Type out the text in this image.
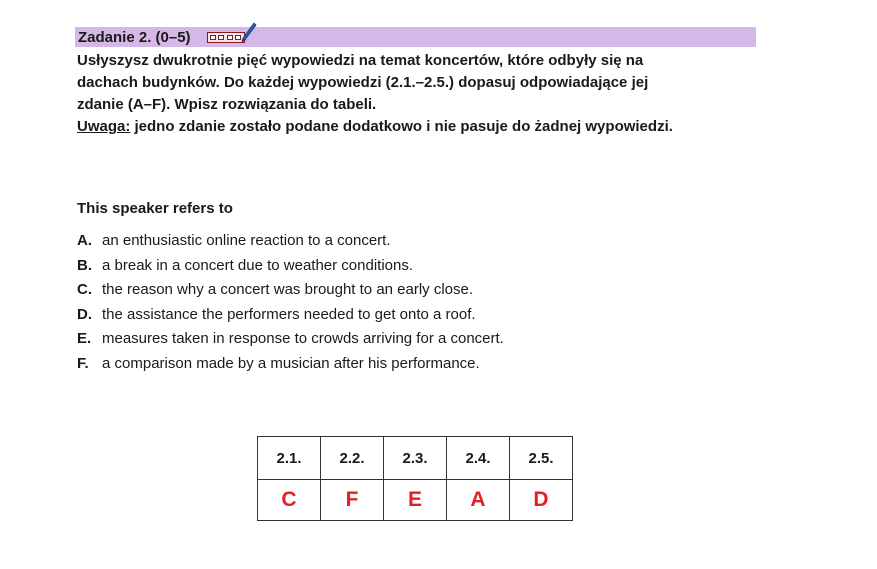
Zadanie 2. (0–5)
Usłyszysz dwukrotnie pięć wypowiedzi na temat koncertów, które odbyły się na
dachach budynków. Do każdej wypowiedzi (2.1.–2.5.) dopasuj odpowiadające jej
zdanie (A–F). Wpisz rozwiązania do tabeli.
Uwaga: jedno zdanie zostało podane dodatkowo i nie pasuje do żadnej wypowiedzi.
This speaker refers to
A. an enthusiastic online reaction to a concert.
B. a break in a concert due to weather conditions.
C. the reason why a concert was brought to an early close.
D. the assistance the performers needed to get onto a roof.
E. measures taken in response to crowds arriving for a concert.
F. a comparison made by a musician after his performance.
2.1.	2.2.	2.3.	2.4.	2.5.
C	F	E	A	D
